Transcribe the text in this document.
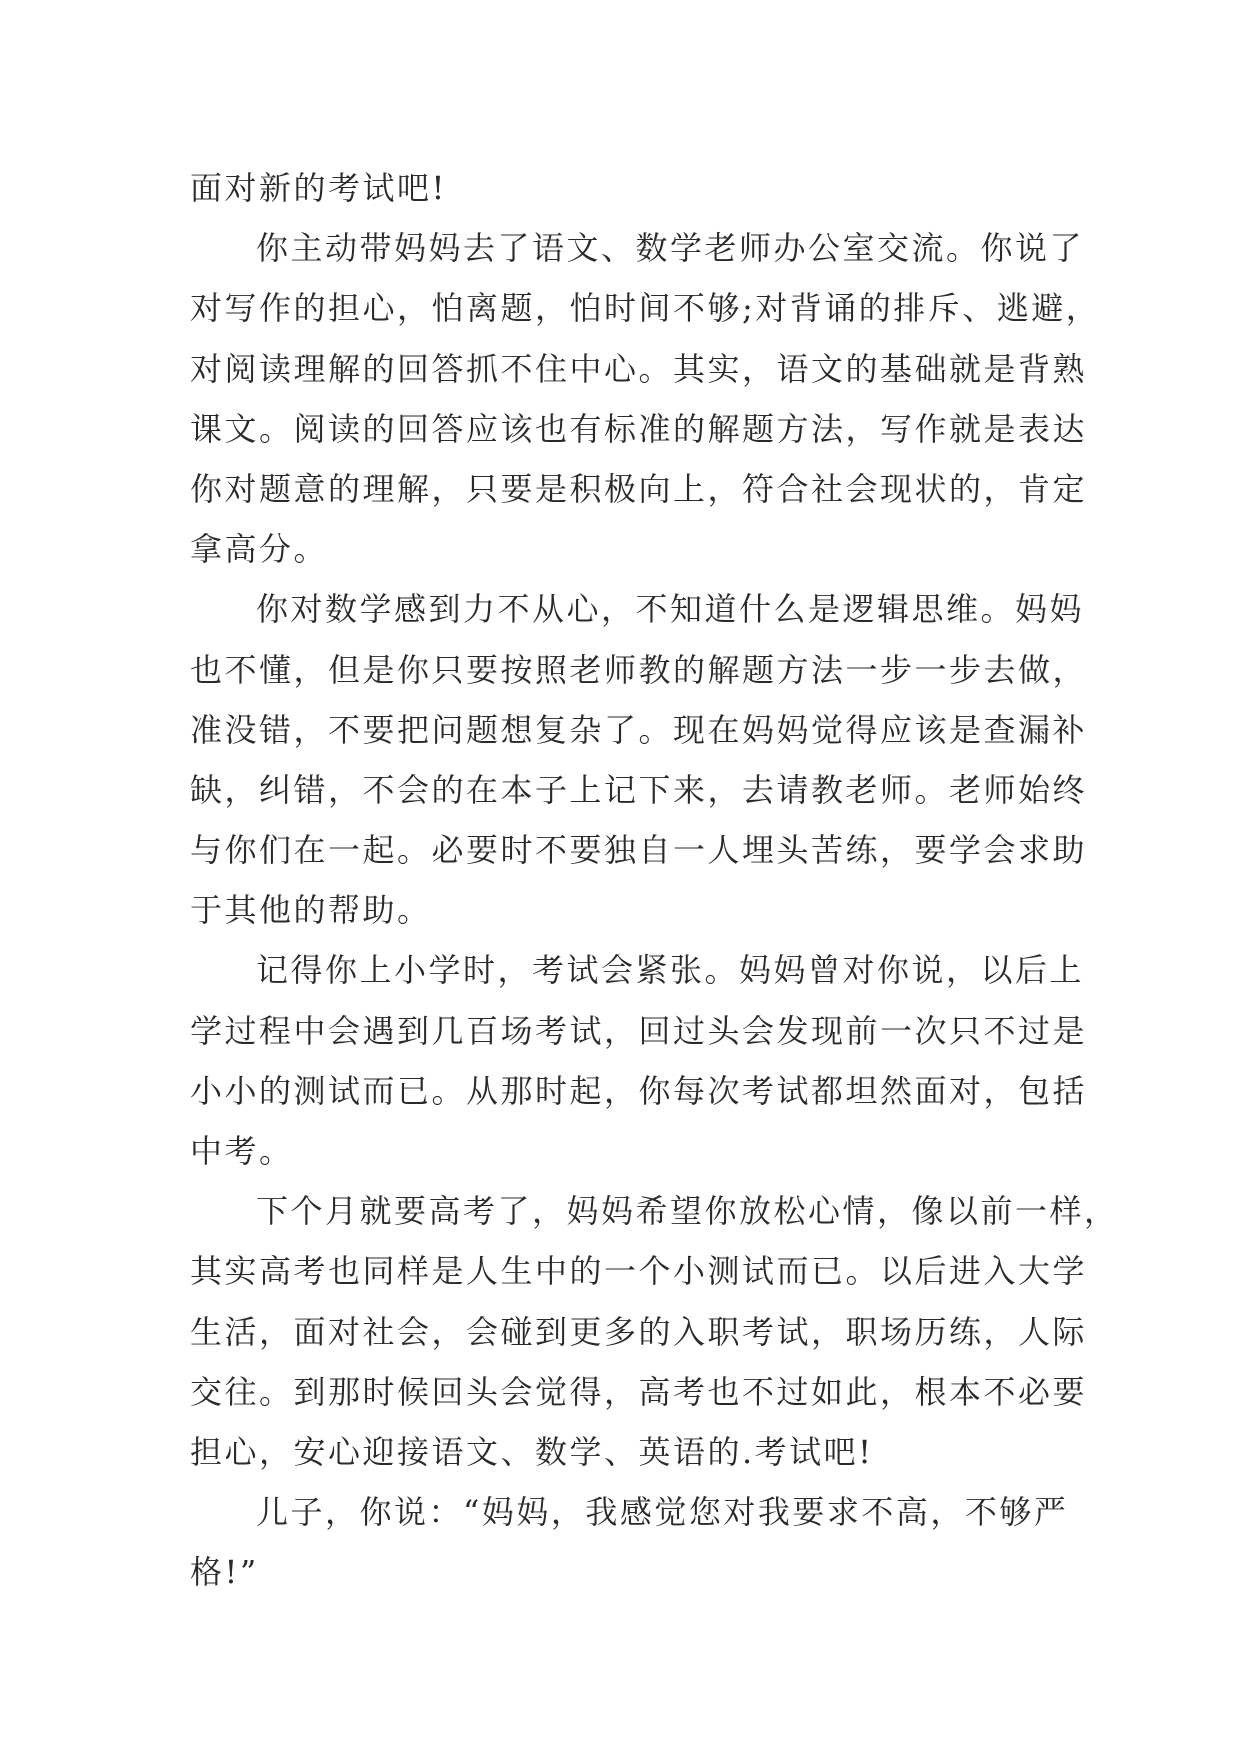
面对新的考试吧!
你主动带妈妈去了语文、数学老师办公室交流。你说了
对写作的担心，怕离题，怕时间不够;对背诵的排斥、逃避，
对阅读理解的回答抓不住中心。其实，语文的基础就是背熟
课文。阅读的回答应该也有标准的解题方法，写作就是表达
你对题意的理解，只要是积极向上，符合社会现状的，肯定
拿高分。
你对数学感到力不从心，不知道什么是逻辑思维。妈妈
也不懂，但是你只要按照老师教的解题方法一步一步去做，
准没错，不要把问题想复杂了。现在妈妈觉得应该是查漏补
缺，纠错，不会的在本子上记下来，去请教老师。老师始终
与你们在一起。必要时不要独自一人埋头苦练，要学会求助
于其他的帮助。
记得你上小学时，考试会紧张。妈妈曾对你说，以后上
学过程中会遇到几百场考试，回过头会发现前一次只不过是
小小的测试而已。从那时起，你每次考试都坦然面对，包括
中考。
下个月就要高考了，妈妈希望你放松心情，像以前一样，
其实高考也同样是人生中的一个小测试而已。以后进入大学
生活，面对社会，会碰到更多的入职考试，职场历练，人际
交往。到那时候回头会觉得，高考也不过如此，根本不必要
担心，安心迎接语文、数学、英语的.考试吧!
儿子，你说：“妈妈，我感觉您对我要求不高，不够严
格!”
